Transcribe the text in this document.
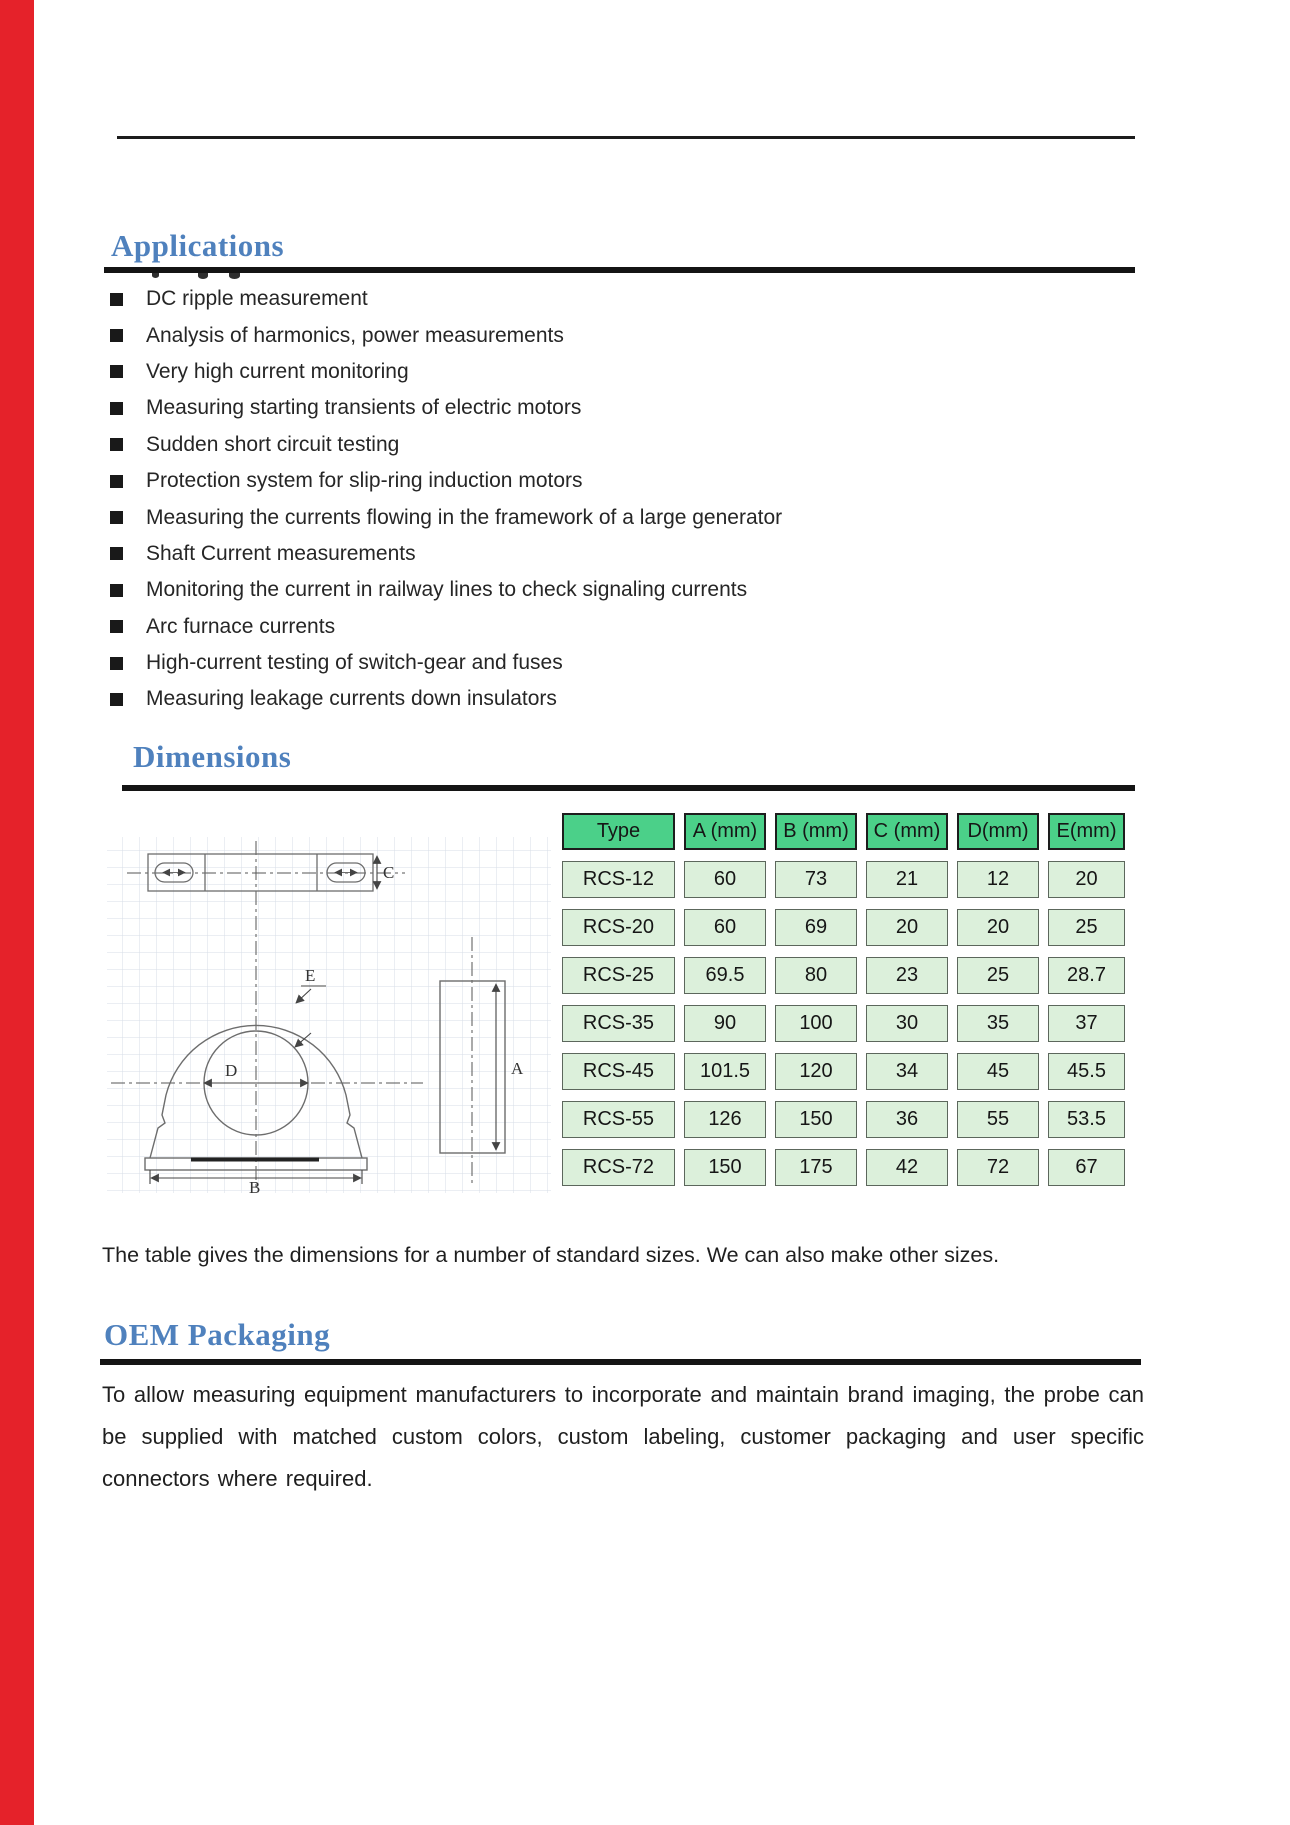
Applications
DC ripple measurement
Analysis of harmonics, power measurements
Very high current monitoring
Measuring starting transients of electric motors
Sudden short circuit testing
Protection system for slip-ring induction motors
Measuring the currents flowing in the framework of a large generator
Shaft Current measurements
Monitoring the current in railway lines to check signaling currents
Arc furnace currents
High-current testing of switch-gear and fuses
Measuring leakage currents down insulators
Dimensions
C
D
E
B
A
Type	A (mm)	B (mm)	C (mm)	D(mm)	E(mm)
RCS-12	60	73	21	12	20
RCS-20	60	69	20	20	25
RCS-25	69.5	80	23	25	28.7
RCS-35	90	100	30	35	37
RCS-45	101.5	120	34	45	45.5
RCS-55	126	150	36	55	53.5
RCS-72	150	175	42	72	67
The table gives the dimensions for a number of standard sizes. We can also make other sizes.
OEM Packaging
To allow measuring equipment manufacturers to incorporate and maintain brand imaging, the probe can be supplied with matched custom colors, custom labeling, customer packaging and user specific connectors where required.
